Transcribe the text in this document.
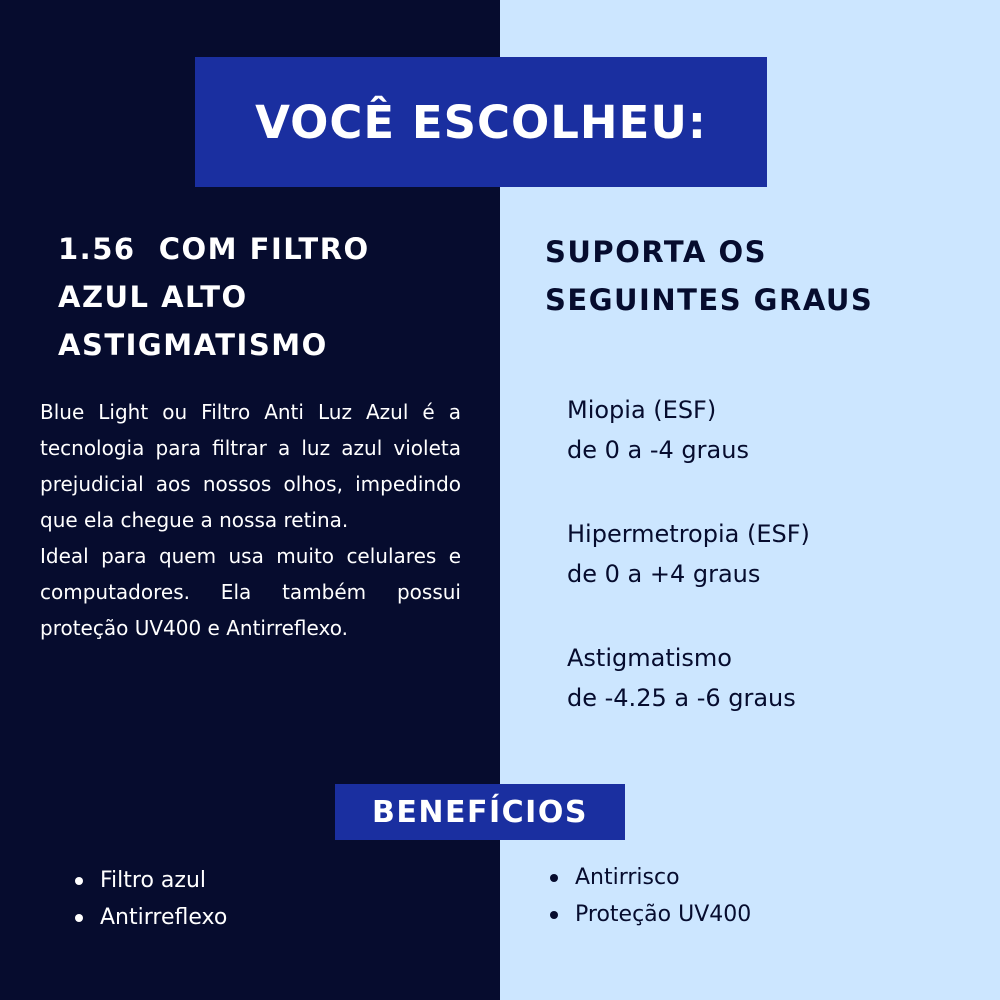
VOCÊ ESCOLHEU:
1.56  COM FILTRO
AZUL ALTO
ASTIGMATISMO
SUPORTA OS
SEGUINTES GRAUS

Blue Light ou Filtro Anti Luz Azul é a tecnologia para filtrar a luz azul violeta prejudicial aos nossos olhos, impedindo que ela chegue a nossa retina.

Ideal para quem usa muito celulares e computadores. Ela também possui proteção UV400 e Antirreflexo.

Miopia (ESF)
de 0 a -4 graus
Hipermetropia (ESF)
de 0 a +4 graus
Astigmatismo
de -4.25 a -6 graus
BENEFÍCIOS
Filtro azul
Antirreflexo
Antirrisco
Proteção UV400
